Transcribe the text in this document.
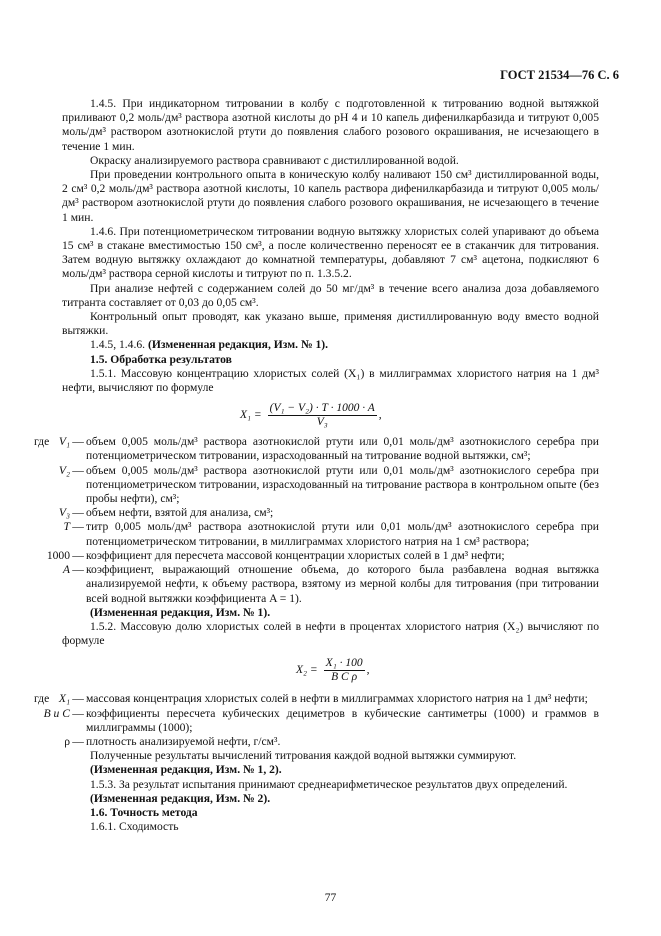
ГОСТ 21534—76 С. 6

1.4.5. При индикаторном титровании в колбу с подготовленной к титрованию водной вытяжкой приливают 0,2 моль/дм³ раствора азотной кислоты до pH 4 и 10 капель дифенилкарбазида и титруют 0,005 моль/дм³ раствором азотнокислой ртути до появления слабого розового окрашивания, не исчезающего в течение 1 мин.

Окраску анализируемого раствора сравнивают с дистиллированной водой.

При проведении контрольного опыта в коническую колбу наливают 150 см³ дистиллированной воды, 2 см³ 0,2 моль/дм³ раствора азотной кислоты, 10 капель раствора дифенилкарбазида и титруют 0,005 моль/дм³ раствором азотнокислой ртути до появления слабого розового окрашивания, не исчезающего в течение 1 мин.

1.4.6. При потенциометрическом титровании водную вытяжку хлористых солей упаривают до объема 15 см³ в стакане вместимостью 150 см³, а после количественно переносят ее в стаканчик для титрования. Затем водную вытяжку охлаждают до комнатной температуры, добавляют 7 см³ ацетона, подкисляют 6 моль/дм³ раствора серной кислоты и титруют по п. 1.3.5.2.

При анализе нефтей с содержанием солей до 50 мг/дм³ в течение всего анализа доза добавляемого титранта составляет от 0,03 до 0,05 см³.

Контрольный опыт проводят, как указано выше, применяя дистиллированную воду вместо водной вытяжки.

1.4.5, 1.4.6. (Измененная редакция, Изм. № 1).

1.5. Обработка результатов

1.5.1. Массовую концентрацию хлористых солей (X₁) в миллиграммах хлористого натрия на 1 дм³ нефти, вычисляют по формуле

$X_1 = \frac{\text{(V₁ − V₂) · T · 1000 · A}}{\text{V₃}}$ ,
где V₁ — объем 0,005 моль/дм³ раствора азотнокислой ртути или 0,01 моль/дм³ азотнокислого серебра при потенциометрическом титровании, израсходованный на титрование водной вытяжки, см³;
V₂ — объем 0,005 моль/дм³ раствора азотнокислой ртути или 0,01 моль/дм³ азотнокислого серебра при потенциометрическом титровании, израсходованный на титрование раствора в контрольном опыте (без пробы нефти), см³;
V₃ — объем нефти, взятой для анализа, см³;
T — титр 0,005 моль/дм³ раствора азотнокислой ртути или 0,01 моль/дм³ азотнокислого серебра при потенциометрическом титровании, в миллиграммах хлористого натрия на 1 см³ раствора;
1000 — коэффициент для пересчета массовой концентрации хлористых солей в 1 дм³ нефти;
A — коэффициент, выражающий отношение объема, до которого была разбавлена водная вытяжка анализируемой нефти, к объему раствора, взятому из мерной колбы для титрования (при титровании всей водной вытяжки коэффициента A = 1).

(Измененная редакция, Изм. № 1).

1.5.2. Массовую долю хлористых солей в нефти в процентах хлористого натрия (X₂) вычисляют по формуле

$X_2 = \frac{\text{X₁ · 100}}{\text{B C ρ}}$ ,
где X₁ — массовая концентрация хлористых солей в нефти в миллиграммах хлористого натрия на 1 дм³ нефти;
B и C — коэффициенты пересчета кубических дециметров в кубические сантиметры (1000) и граммов в миллиграммы (1000);
ρ — плотность анализируемой нефти, г/см³.

Полученные результаты вычислений титрования каждой водной вытяжки суммируют.

(Измененная редакция, Изм. № 1, 2).

1.5.3. За результат испытания принимают среднеарифметическое результатов двух определений.

(Измененная редакция, Изм. № 2).

1.6. Точность метода

1.6.1. Сходимость

77
